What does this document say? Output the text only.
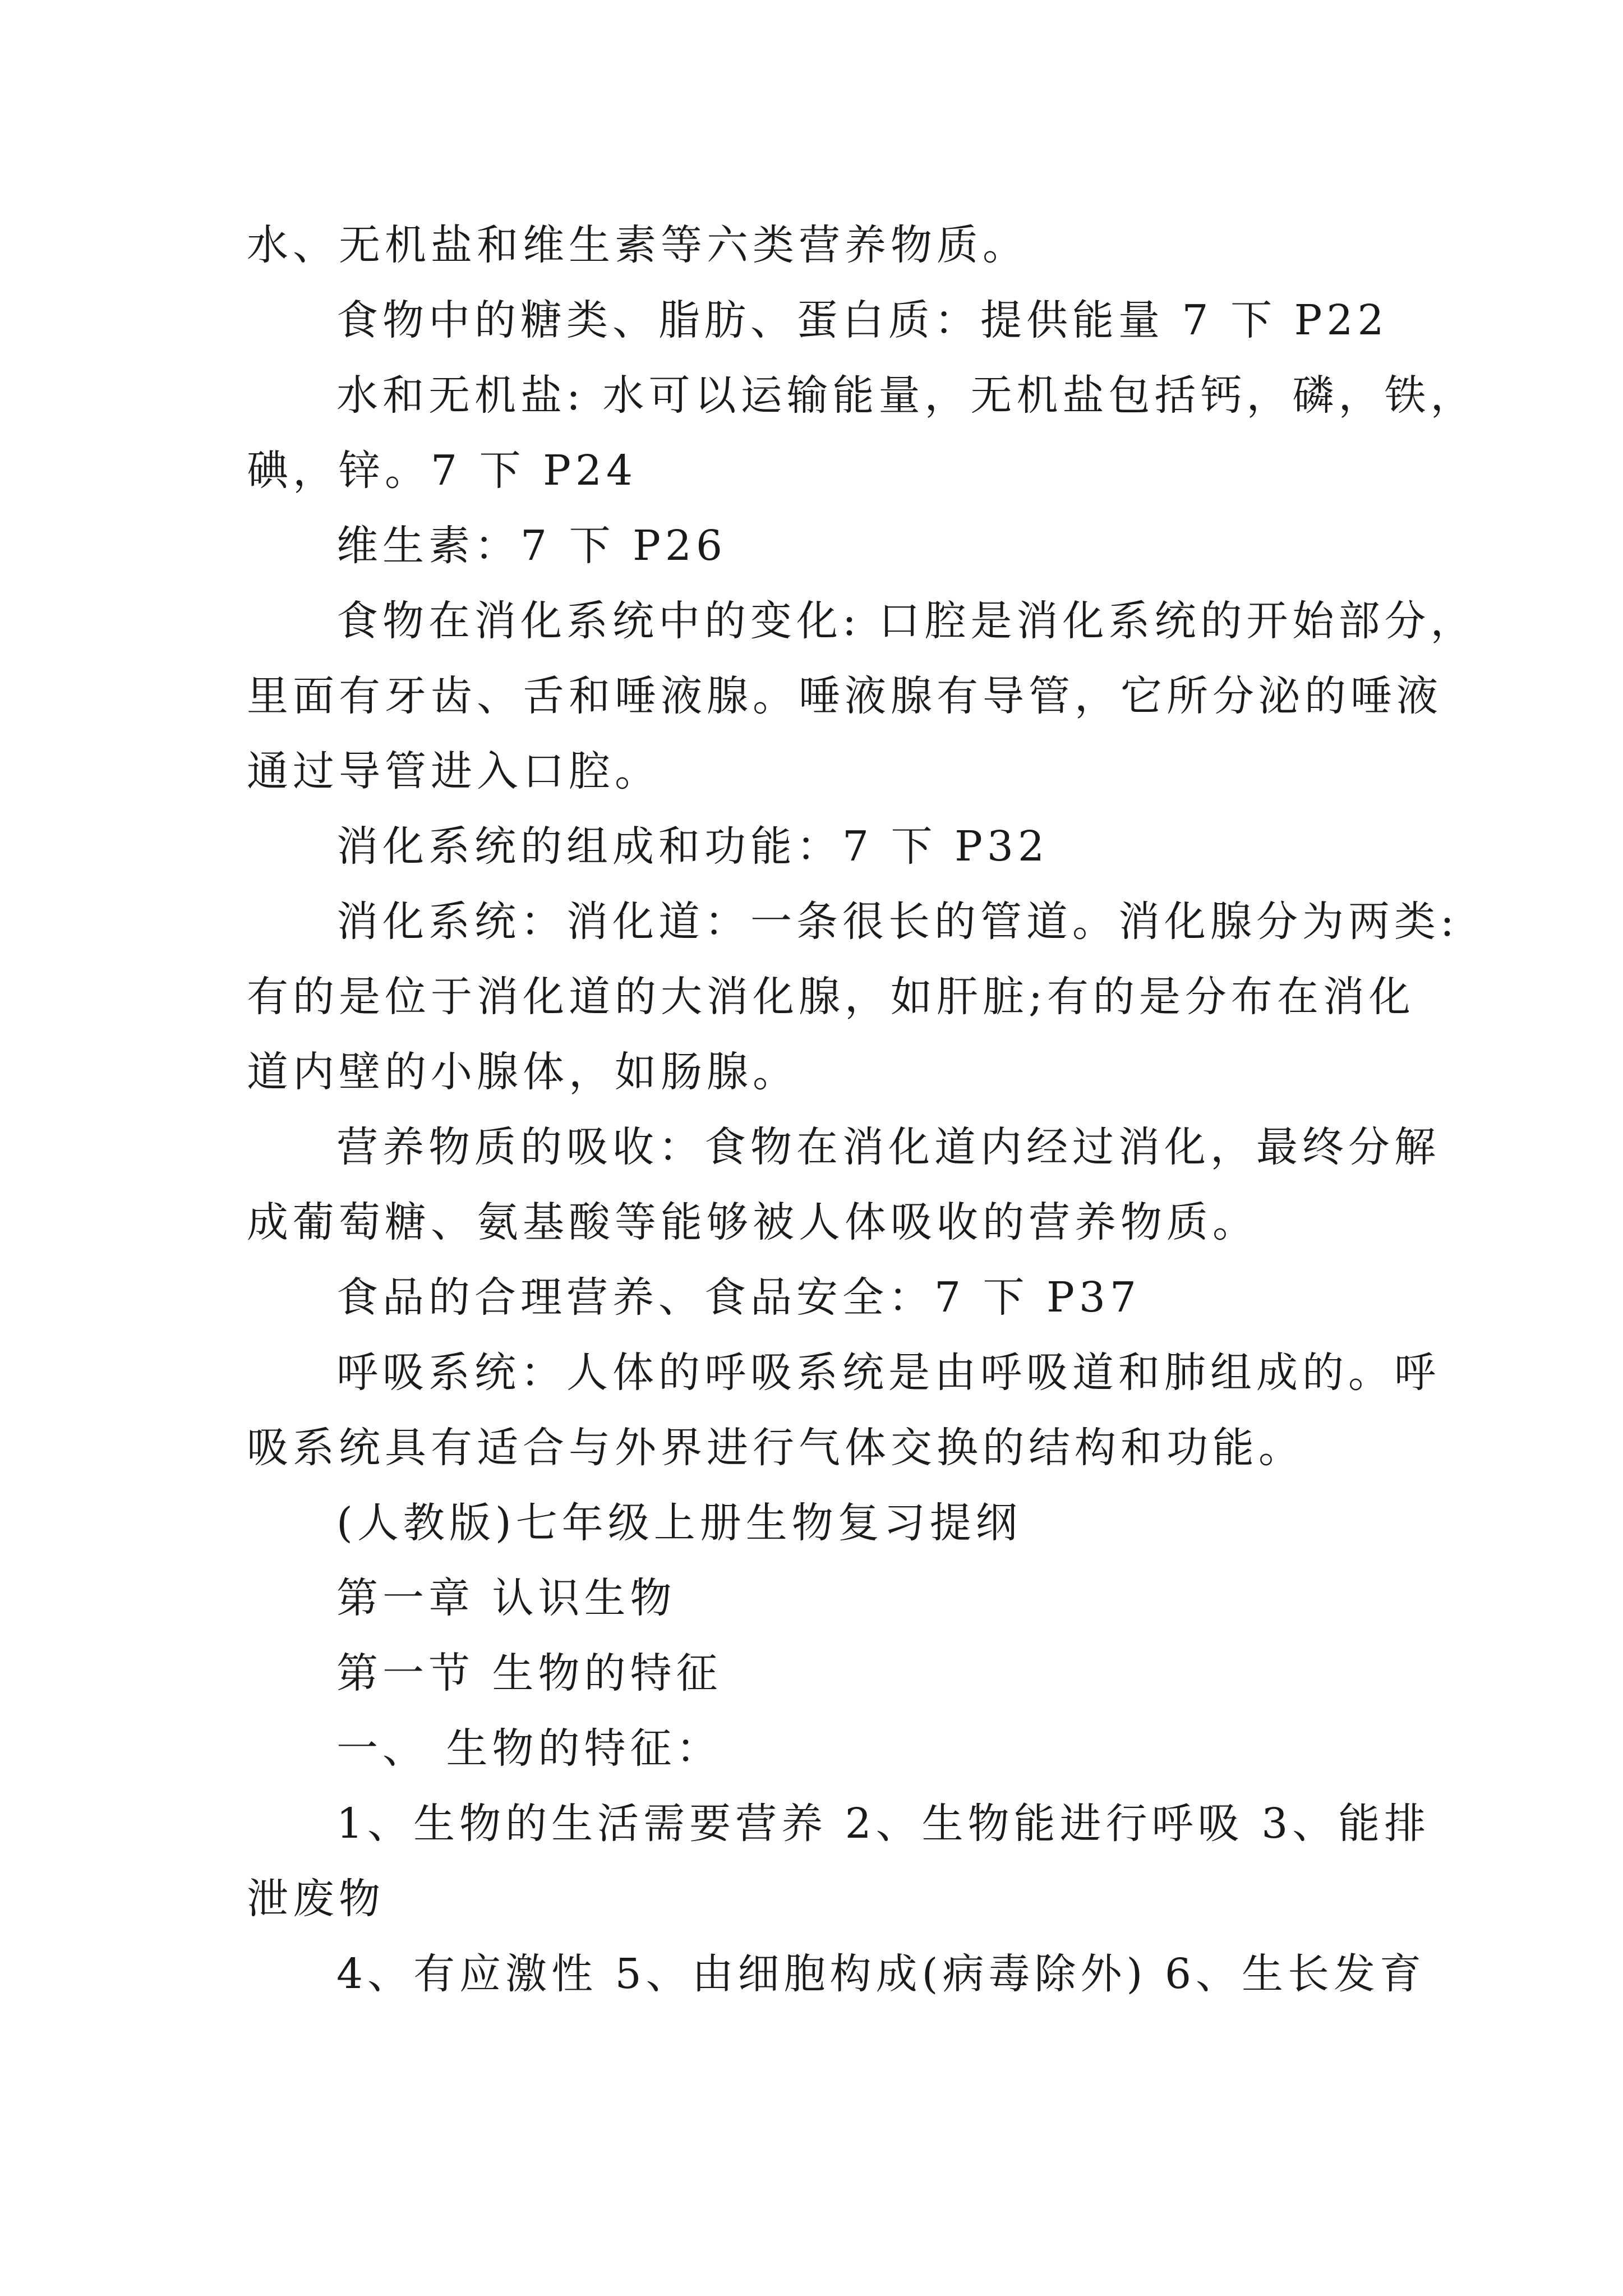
水、无机盐和维生素等六类营养物质。
食物中的糖类、脂肪、蛋白质：提供能量 7 下 P22
水和无机盐: 水可以运输能量，无机盐包括钙，磷，铁，
碘，锌。7 下 P24
维生素：7 下 P26
食物在消化系统中的变化: 口腔是消化系统的开始部分，
里面有牙齿、舌和唾液腺。唾液腺有导管，它所分泌的唾液
通过导管进入口腔。
消化系统的组成和功能：7 下 P32
消化系统：消化道：一条很长的管道。消化腺分为两类:
有的是位于消化道的大消化腺，如肝脏;有的是分布在消化
道内壁的小腺体，如肠腺。
营养物质的吸收：食物在消化道内经过消化，最终分解
成葡萄糖、氨基酸等能够被人体吸收的营养物质。
食品的合理营养、食品安全：7 下 P37
呼吸系统：人体的呼吸系统是由呼吸道和肺组成的。呼
吸系统具有适合与外界进行气体交换的结构和功能。
(人教版)七年级上册生物复习提纲
第一章 认识生物
第一节 生物的特征
一、 生物的特征：
1、生物的生活需要营养 2、生物能进行呼吸 3、能排
泄废物
4、有应激性 5、由细胞构成(病毒除外) 6、生长发育
